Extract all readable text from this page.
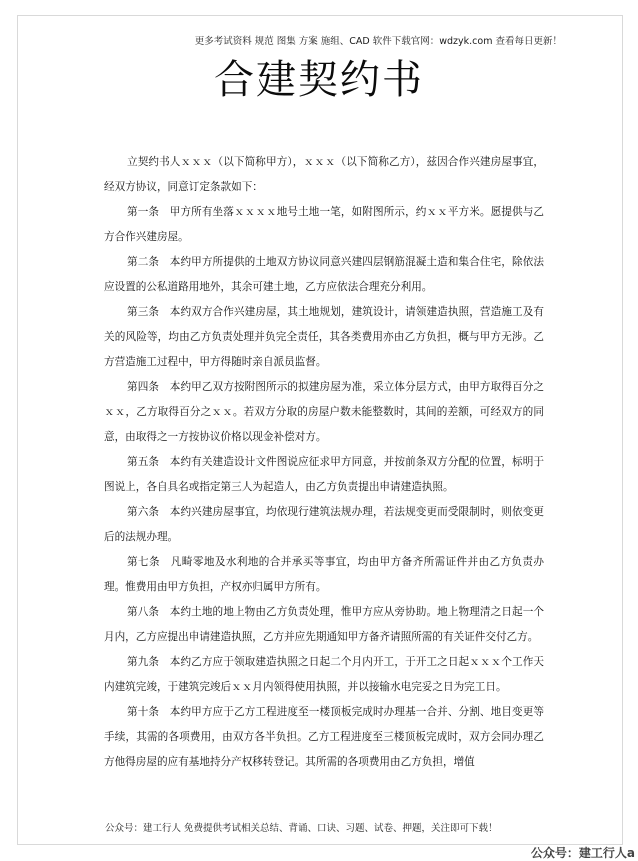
更多考试资料 规范 图集 方案 施组、CAD 软件下载官网：wdzyk.com 查看每日更新！
合建契约书

立契约书人ｘｘｘ（以下简称甲方），ｘｘｘ（以下简称乙方），兹因合作兴建房屋事宜，经双方协议，同意订定条款如下：

第一条　甲方所有坐落ｘｘｘｘ地号土地一笔，如附图所示，约ｘｘ平方米。愿提供与乙方合作兴建房屋。

第二条　本约甲方所提供的土地双方协议同意兴建四层钢筋混凝土造和集合住宅，除依法应设置的公私道路用地外，其余可建土地，乙方应依法合理充分利用。

第三条　本约双方合作兴建房屋，其土地规划，建筑设计，请领建造执照，营造施工及有关的风险等，均由乙方负责处理并负完全责任，其各类费用亦由乙方负担，概与甲方无涉。乙方营造施工过程中，甲方得随时亲自派员监督。

第四条　本约甲乙双方按附图所示的拟建房屋为准，采立体分层方式，由甲方取得百分之ｘｘ，乙方取得百分之ｘｘ。若双方分取的房屋户数未能整数时，其间的差额，可经双方的同意，由取得之一方按协议价格以现金补偿对方。

第五条　本约有关建造设计文件图说应征求甲方同意，并按前条双方分配的位置，标明于图说上，各自具名或指定第三人为起造人，由乙方负责提出申请建造执照。

第六条　本约兴建房屋事宜，均依现行建筑法规办理，若法规变更而受限制时，则依变更后的法规办理。

第七条　凡畸零地及水利地的合并承买等事宜，均由甲方备齐所需证件并由乙方负责办理。惟费用由甲方负担，产权亦归属甲方所有。

第八条　本约土地的地上物由乙方负责处理，惟甲方应从旁协助。地上物理清之日起一个月内，乙方应提出申请建造执照，乙方并应先期通知甲方备齐请照所需的有关证件交付乙方。

第九条　本约乙方应于领取建造执照之日起二个月内开工，于开工之日起ｘｘｘ个工作天内建筑完竣，于建筑完竣后ｘｘ月内领得使用执照，并以接输水电完妥之日为完工日。

第十条　本约甲方应于乙方工程进度至一楼顶板完成时办理基一合并、分割、地目变更等手续，其需的各项费用，由双方各半负担。乙方工程进度至三楼顶板完成时，双方会同办理乙方他得房屋的应有基地持分产权移转登记。其所需的各项费用由乙方负担，增值

公众号：建工行人 免费提供考试相关总结、背诵、口诀、习题、试卷、押题，关注即可下载！
公众号：建工行人a
